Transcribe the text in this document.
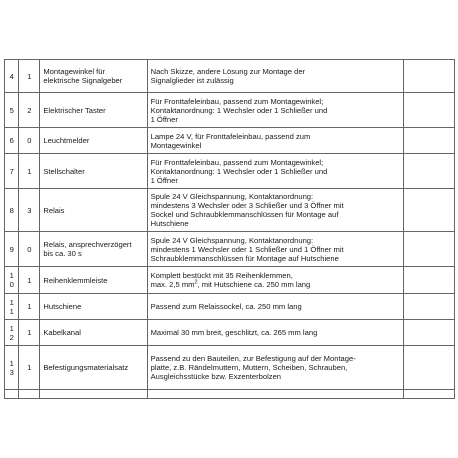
4	1	Montagewinkel für
elektrische Signalgeber	Nach Skizze, andere Lösung zur Montage der
Signalglieder ist zulässig	

5	2	Elektrischer Taster	Für Fronttafeleinbau, passend zum Montagewinkel;
Kontaktanordnung: 1 Wechsler oder 1 Schließer und
1 Öffner	

6	0	Leuchtmelder	Lampe 24 V, für Fronttafeleinbau, passend zum
Montagewinkel	

7	1	Stellschalter	Für Fronttafeleinbau, passend zum Montagewinkel;
Kontaktanordnung: 1 Wechsler oder 1 Schließer und
1 Öffner	

8	3	Relais	Spule 24 V Gleichspannung, Kontaktanordnung:
mindestens 3 Wechsler oder 3 Schließer und 3 Öffner mit
Sockel und Schraubklemmanschlüssen für Montage auf
Hutschiene	

9	0	Relais, ansprechverzögert
bis ca. 30 s	Spule 24 V Gleichspannung, Kontaktanordnung:
mindestens 1 Wechsler oder 1 Schließer und 1 Öffner mit
Schraubklemmanschlüssen für Montage auf Hutschiene	

10	1	Reihenklemmleiste	Komplett bestückt mit 35 Reihenklemmen,
max. 2,5 $mm^2$, mit Hutschiene ca. 250 mm lang	

11	1	Hutschiene	Passend zum Relaissockel, ca. 250 mm lang	

12	1	Kabelkanal	Maximal 30 mm breit, geschlitzt, ca. 265 mm lang	

13	1	Befestigungsmaterialsatz	Passend zu den Bauteilen, zur Befestigung auf der Montage-
platte, z.B. Rändelmuttern, Muttern, Scheiben, Schrauben,
Ausgleichsstücke bzw. Exzenterbolzen	
